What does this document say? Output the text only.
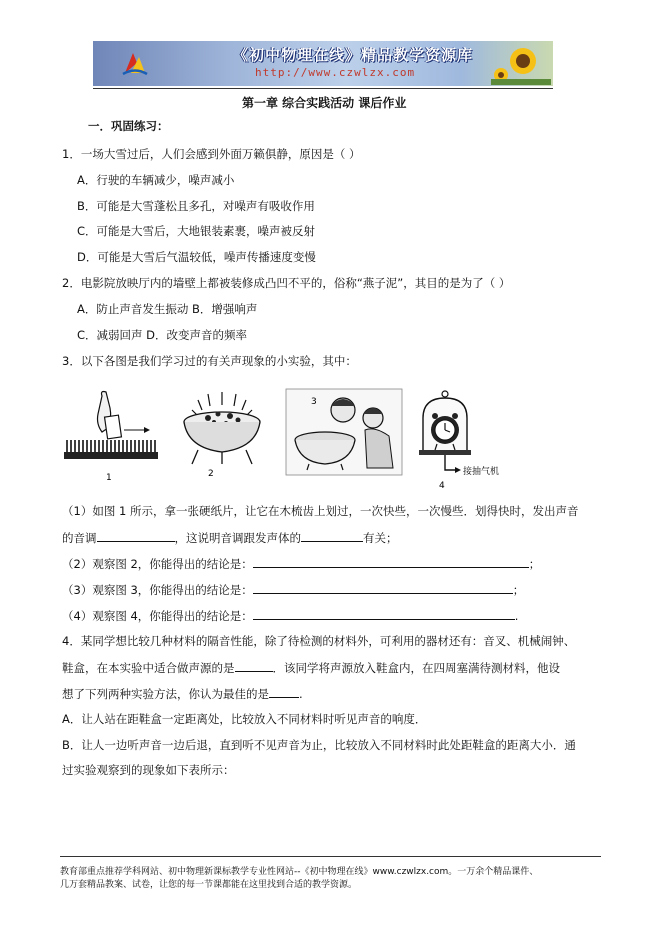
《初中物理在线》精品教学资源库
http://www.czwlzx.com
第一章 综合实践活动 课后作业
一．巩固练习：
1．一场大雪过后，人们会感到外面万籁俱静，原因是（ ）
A．行驶的车辆减少，噪声减小
B．可能是大雪蓬松且多孔，对噪声有吸收作用
C．可能是大雪后，大地银装素裹，噪声被反射
D．可能是大雪后气温较低，噪声传播速度变慢
2．电影院放映厅内的墙壁上都被装修成凸凹不平的，俗称“燕子泥”，其目的是为了（ ）
A．防止声音发生振动 B．增强响声
C．减弱回声 D．改变声音的频率
3．以下各图是我们学习过的有关声现象的小实验，其中：
1	2
3
接抽气机
4
（1）如图 1 所示，拿一张硬纸片，让它在木梳齿上划过，一次快些，一次慢些．划得快时，发出声音
的音调	，这说明音调跟发声体的	有关；
（2）观察图 2，你能得出的结论是：	；
（3）观察图 3，你能得出的结论是：	；
（4）观察图 4，你能得出的结论是：	.
4．某同学想比较几种材料的隔音性能，除了待检测的材料外，可利用的器材还有：音叉、机械闹钟、
鞋盒，在本实验中适合做声源的是	．该同学将声源放入鞋盒内，在四周塞满待测材料，他设
想了下列两种实验方法，你认为最佳的是	.
A．让人站在距鞋盒一定距离处，比较放入不同材料时听见声音的响度．
B．让人一边听声音一边后退，直到听不见声音为止，比较放入不同材料时此处距鞋盒的距离大小．通
过实验观察到的现象如下表所示：
教育部重点推荐学科网站、初中物理新课标教学专业性网站--《初中物理在线》www.czwlzx.com。一万余个精品课件、
几万套精品教案、试卷，让您的每一节课都能在这里找到合适的教学资源。
